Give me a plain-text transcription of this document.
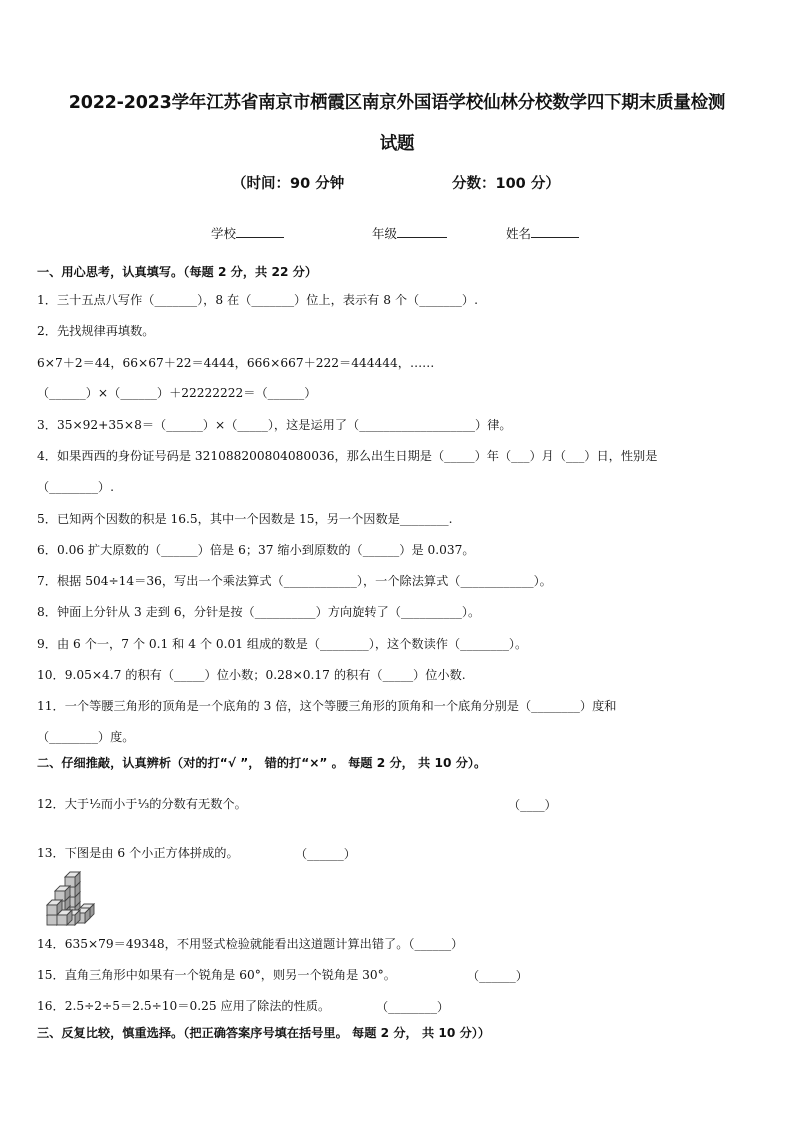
2022-2023学年江苏省南京市栖霞区南京外国语学校仙林分校数学四下期末质量检测
试题
（时间：90 分钟	分数：100 分）
学校	年级	姓名
一、用心思考，认真填写。（每题 2 分，共 22 分）
1．三十五点八写作（_______），8 在（_______）位上，表示有 8 个（_______）.
2．先找规律再填数。
6×7＋2＝44，66×67＋22＝4444，666×667＋222＝444444，……
（______）×（______）＋22222222＝（______）
3．35×92+35×8＝（______）×（_____），这是运用了（___________________）律。
4．如果西西的身份证号码是 321088200804080036，那么出生日期是（_____）年（___）月（___）日，性别是
（________）.
5．已知两个因数的积是 16.5，其中一个因数是 15，另一个因数是________.
6．0.06 扩大原数的（______）倍是 6；37 缩小到原数的（______）是 0.037。
7．根据 504÷14＝36，写出一个乘法算式（____________），一个除法算式（____________）。
8．钟面上分针从 3 走到 6，分针是按（__________）方向旋转了（__________）。
9．由 6 个一，7 个 0.1 和 4 个 0.01 组成的数是（________），这个数读作（________）。
10．9.05×4.7 的积有（_____）位小数；0.28×0.17 的积有（_____）位小数.
11．一个等腰三角形的顶角是一个底角的 3 倍，这个等腰三角形的顶角和一个底角分别是（________）度和
（________）度。
二、仔细推敲，认真辨析（对的打“√ ”， 错的打“×” 。 每题 2 分， 共 10 分）。
12．大于½而小于⅓的分数有无数个。	（____）
13．下图是由 6 个小正方体拼成的。	（______）
14．635×79＝49348，不用竖式检验就能看出这道题计算出错了。（______）
15．直角三角形中如果有一个锐角是 60°，则另一个锐角是 30°。	（______）
16．2.5÷2÷5＝2.5÷10＝0.25 应用了除法的性质。	（________）
三、反复比较，慎重选择。（把正确答案序号填在括号里。 每题 2 分， 共 10 分））
